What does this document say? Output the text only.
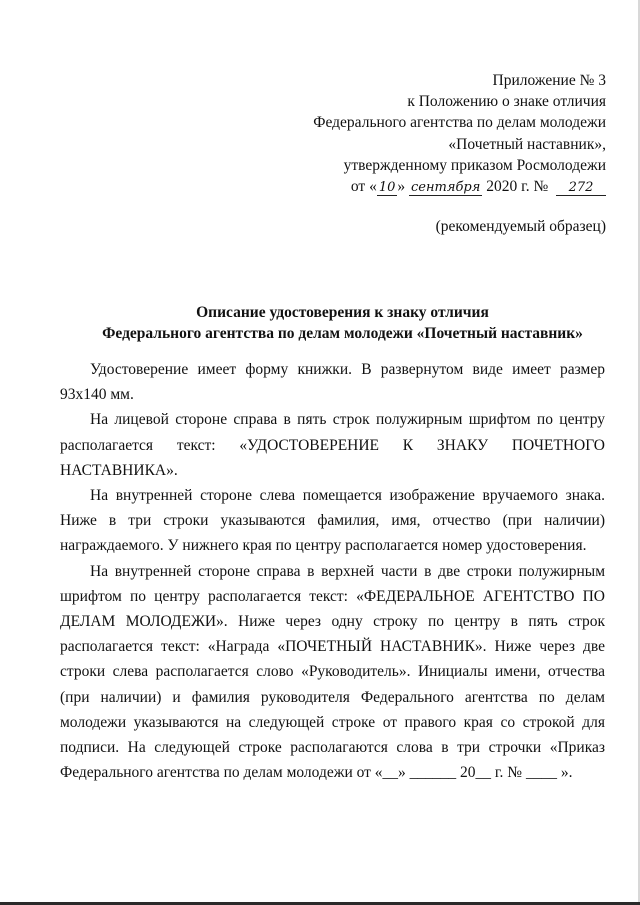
Приложение № 3
к Положению о знаке отличия
Федерального агентства по делам молодежи
«Почетный наставник»,
утвержденному приказом Росмолодежи
от « 10 » сентября 2020 г. № 272
(рекомендуемый образец)
Описание удостоверения к знаку отличия
Федерального агентства по делам молодежи «Почетный наставник»

Удостоверение имеет форму книжки. В развернутом виде имеет размер 93х140 мм.

На лицевой стороне справа в пять строк полужирным шрифтом по центру располагается текст: «УДОСТОВЕРЕНИЕ К ЗНАКУ ПОЧЕТНОГО НАСТАВНИКА».

На внутренней стороне слева помещается изображение вручаемого знака. Ниже в три строки указываются фамилия, имя, отчество (при наличии) награждаемого. У нижнего края по центру располагается номер удостоверения.

На внутренней стороне справа в верхней части в две строки полужирным шрифтом по центру располагается текст: «ФЕДЕРАЛЬНОЕ АГЕНТСТВО ПО ДЕЛАМ МОЛОДЕЖИ». Ниже через одну строку по центру в пять строк располагается текст: «Награда «ПОЧЕТНЫЙ НАСТАВНИК». Ниже через две строки слева располагается слово «Руководитель». Инициалы имени, отчества (при наличии) и фамилия руководителя Федерального агентства по делам молодежи указываются на следующей строке от правого края со строкой для подписи. На следующей строке располагаются слова в три строчки «Приказ Федерального агентства по делам молодежи от «__» ______ 20__ г. № ____ ».
